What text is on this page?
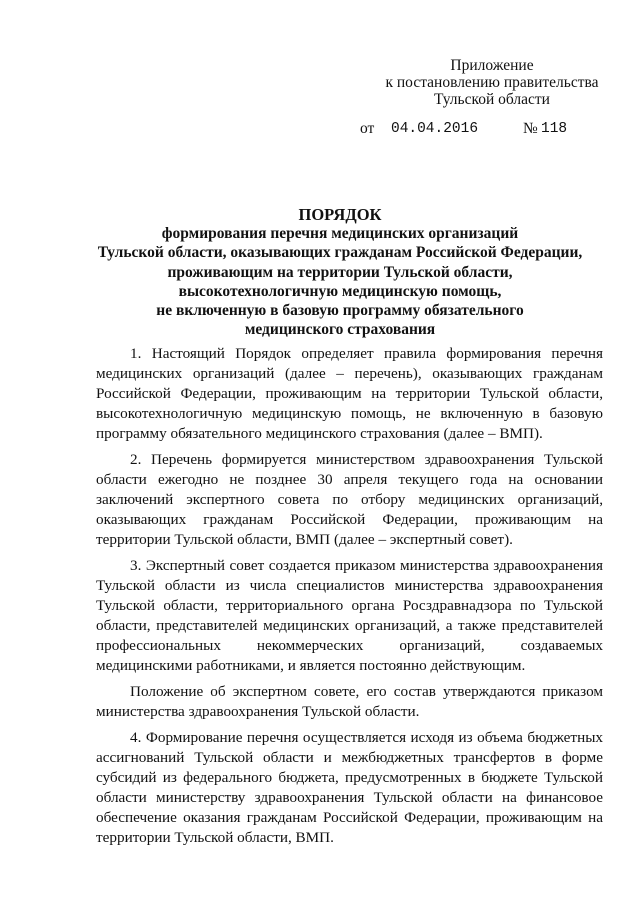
Приложение
к постановлению правительства
Тульской области
от 04.04.2016	№ 118
ПОРЯДОК
формирования перечня медицинских организаций
Тульской области, оказывающих гражданам Российской Федерации,
проживающим на территории Тульской области,
высокотехнологичную медицинскую помощь,
не включенную в базовую программу обязательного
медицинского страхования

1. Настоящий Порядок определяет правила формирования перечня медицинских организаций (далее – перечень), оказывающих гражданам Российской Федерации, проживающим на территории Тульской области, высокотехнологичную медицинскую помощь, не включенную в базовую программу обязательного медицинского страхования (далее – ВМП).

2. Перечень формируется министерством здравоохранения Тульской области ежегодно не позднее 30 апреля текущего года на основании заключений экспертного совета по отбору медицинских организаций, оказывающих гражданам Российской Федерации, проживающим на территории Тульской области, ВМП (далее – экспертный совет).

3. Экспертный совет создается приказом министерства здравоохранения Тульской области из числа специалистов министерства здравоохранения Тульской области, территориального органа Росздравнадзора по Тульской области, представителей медицинских организаций, а также представителей профессиональных некоммерческих организаций, создаваемых медицинскими работниками, и является постоянно действующим.

Положение об экспертном совете, его состав утверждаются приказом министерства здравоохранения Тульской области.

4. Формирование перечня осуществляется исходя из объема бюджетных ассигнований Тульской области и межбюджетных трансфертов в форме субсидий из федерального бюджета, предусмотренных в бюджете Тульской области министерству здравоохранения Тульской области на финансовое обеспечение оказания гражданам Российской Федерации, проживающим на территории Тульской области, ВМП.
